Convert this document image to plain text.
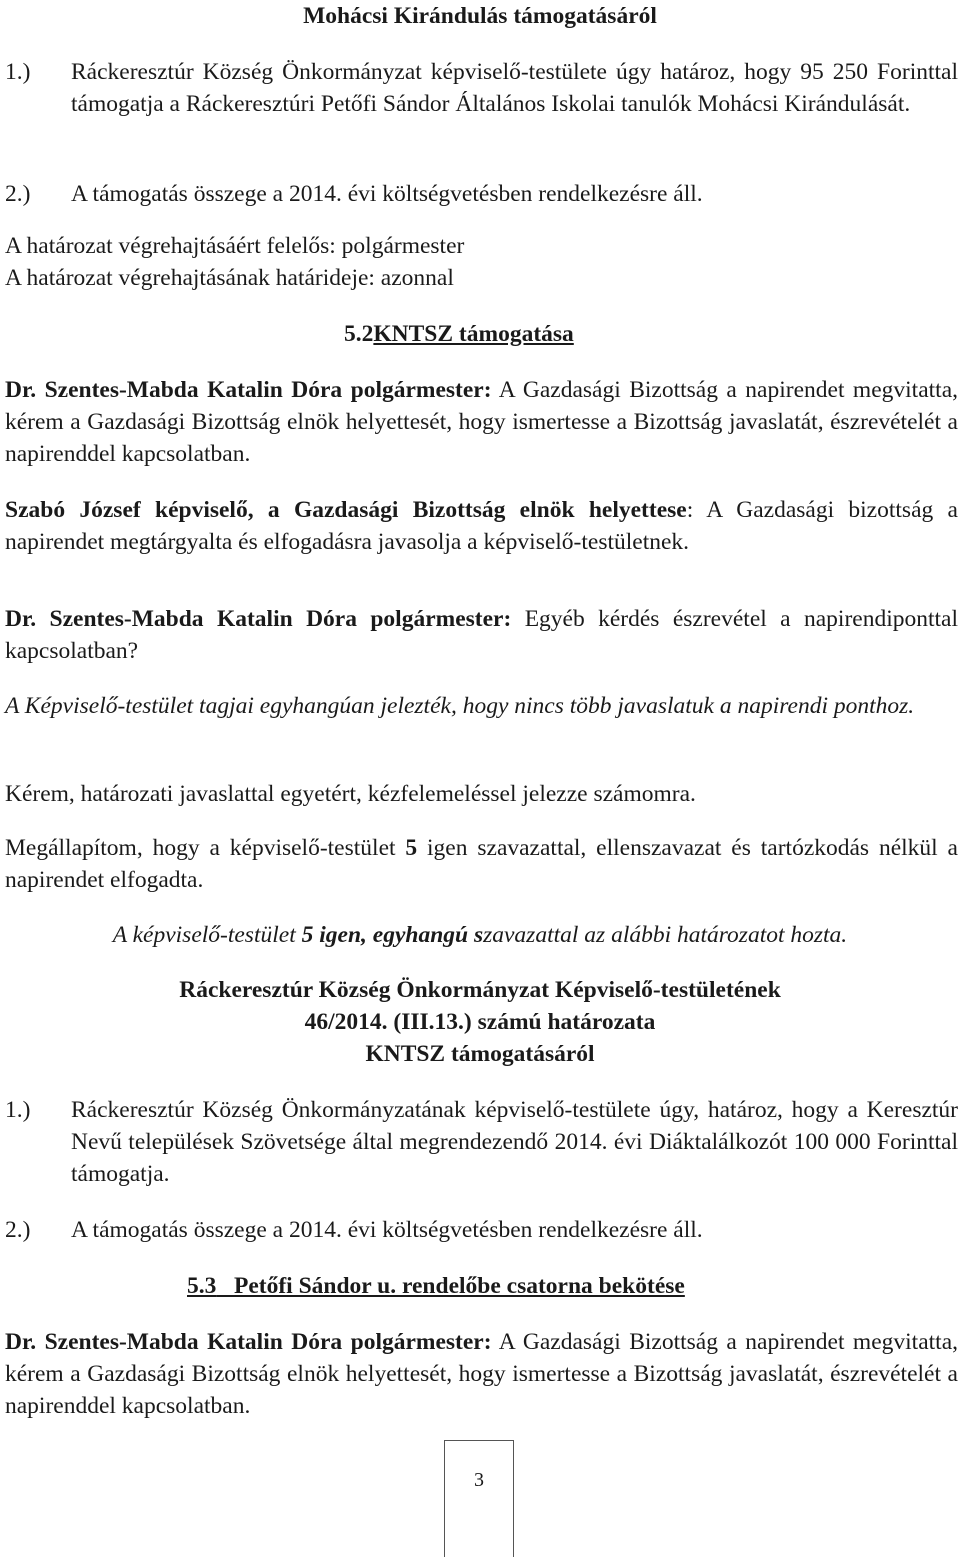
Mohácsi Kirándulás támogatásáról
1.) Ráckeresztúr Község Önkormányzat képviselő-testülete úgy határoz, hogy 95 250 Forinttal támogatja a Ráckeresztúri Petőfi Sándor Általános Iskolai tanulók Mohácsi Kirándulását.
2.) A támogatás összege a 2014. évi költségvetésben rendelkezésre áll.
A határozat végrehajtásáért felelős: polgármester
A határozat végrehajtásának határideje: azonnal
5.2KNTSZ támogatása
Dr. Szentes-Mabda Katalin Dóra polgármester: A Gazdasági Bizottság a napirendet megvitatta, kérem a Gazdasági Bizottság elnök helyettesét, hogy ismertesse a Bizottság javaslatát, észrevételét a napirenddel kapcsolatban.
Szabó József képviselő, a Gazdasági Bizottság elnök helyettese: A Gazdasági bizottság a napirendet megtárgyalta és elfogadásra javasolja a képviselő-testületnek.
Dr. Szentes-Mabda Katalin Dóra polgármester: Egyéb kérdés észrevétel a napirendiponttal kapcsolatban?
A Képviselő-testület tagjai egyhangúan jelezték, hogy nincs több javaslatuk a napirendi ponthoz.
Kérem, határozati javaslattal egyetért, kézfelemeléssel jelezze számomra.
Megállapítom, hogy a képviselő-testület 5 igen szavazattal, ellenszavazat és tartózkodás nélkül a napirendet elfogadta.
A képviselő-testület 5 igen, egyhangú szavazattal az alábbi határozatot hozta.
Ráckeresztúr Község Önkormányzat Képviselő-testületének
46/2014. (III.13.) számú határozata
KNTSZ támogatásáról
1.) Ráckeresztúr Község Önkormányzatának képviselő-testülete úgy, határoz, hogy a Keresztúr Nevű települések Szövetsége által megrendezendő 2014. évi Diáktalálkozót 100 000 Forinttal támogatja.
2.) A támogatás összege a 2014. évi költségvetésben rendelkezésre áll.
5.3 Petőfi Sándor u. rendelőbe csatorna bekötése
Dr. Szentes-Mabda Katalin Dóra polgármester: A Gazdasági Bizottság a napirendet megvitatta, kérem a Gazdasági Bizottság elnök helyettesét, hogy ismertesse a Bizottság javaslatát, észrevételét a napirenddel kapcsolatban.
3
